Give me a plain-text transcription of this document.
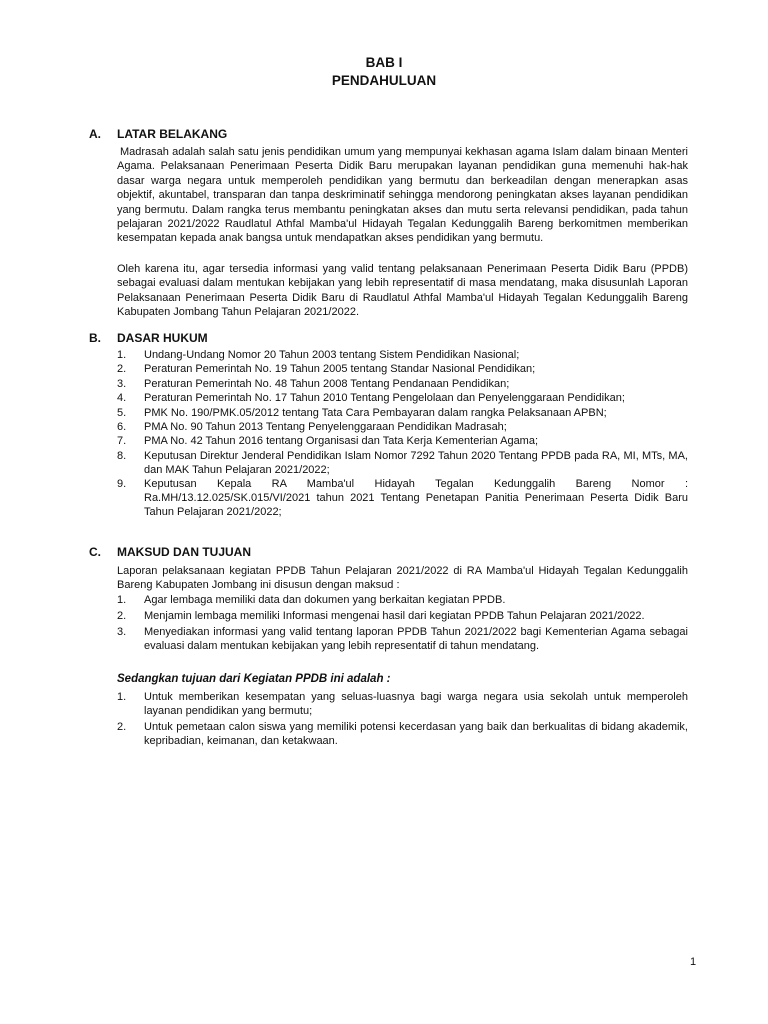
BAB I
PENDAHULUAN
A. LATAR BELAKANG
Madrasah adalah salah satu jenis pendidikan umum yang mempunyai kekhasan agama Islam dalam binaan Menteri Agama. Pelaksanaan Penerimaan Peserta Didik Baru merupakan layanan pendidikan guna memenuhi hak-hak dasar warga negara untuk memperoleh pendidikan yang bermutu dan berkeadilan dengan menerapkan asas objektif, akuntabel, transparan dan tanpa deskriminatif sehingga mendorong peningkatan akses layanan pendidikan yang bermutu. Dalam rangka terus membantu peningkatan akses dan mutu serta relevansi pendidikan, pada tahun pelajaran 2021/2022 Raudlatul Athfal Mamba'ul Hidayah Tegalan Kedunggalih Bareng berkomitmen memberikan kesempatan kepada anak bangsa untuk mendapatkan akses pendidikan yang bermutu.
Oleh karena itu, agar tersedia informasi yang valid tentang pelaksanaan Penerimaan Peserta Didik Baru (PPDB) sebagai evaluasi dalam mentukan kebijakan yang lebih representatif di masa mendatang, maka disusunlah Laporan Pelaksanaan Penerimaan Peserta Didik Baru di Raudlatul Athfal Mamba'ul Hidayah Tegalan Kedunggalih Bareng Kabupaten Jombang Tahun Pelajaran 2021/2022.
B. DASAR HUKUM
1. Undang-Undang Nomor 20 Tahun 2003 tentang Sistem Pendidikan Nasional;
2. Peraturan Pemerintah No. 19 Tahun 2005 tentang Standar Nasional Pendidikan;
3. Peraturan Pemerintah No. 48 Tahun 2008 Tentang Pendanaan Pendidikan;
4. Peraturan Pemerintah No. 17 Tahun 2010 Tentang Pengelolaan dan Penyelenggaraan Pendidikan;
5. PMK No. 190/PMK.05/2012 tentang Tata Cara Pembayaran dalam rangka Pelaksanaan APBN;
6. PMA No. 90 Tahun 2013 Tentang Penyelenggaraan Pendidikan Madrasah;
7. PMA No. 42 Tahun 2016 tentang Organisasi dan Tata Kerja Kementerian Agama;
8. Keputusan Direktur Jenderal Pendidikan Islam Nomor 7292 Tahun 2020 Tentang PPDB pada RA, MI, MTs, MA, dan MAK Tahun Pelajaran 2021/2022;
9. Keputusan Kepala RA Mamba'ul Hidayah Tegalan Kedunggalih Bareng Nomor : Ra.MH/13.12.025/SK.015/VI/2021 tahun 2021 Tentang Penetapan Panitia Penerimaan Peserta Didik Baru Tahun Pelajaran 2021/2022;
C. MAKSUD DAN TUJUAN
Laporan pelaksanaan kegiatan PPDB Tahun Pelajaran 2021/2022 di RA Mamba'ul Hidayah Tegalan Kedunggalih Bareng Kabupaten Jombang ini disusun dengan maksud :
1. Agar lembaga memiliki data dan dokumen yang berkaitan kegiatan PPDB.
2. Menjamin lembaga memiliki Informasi mengenai hasil dari kegiatan PPDB Tahun Pelajaran 2021/2022.
3. Menyediakan informasi yang valid tentang laporan PPDB Tahun 2021/2022 bagi Kementerian Agama sebagai evaluasi dalam mentukan kebijakan yang lebih representatif di tahun mendatang.
Sedangkan tujuan dari Kegiatan PPDB ini adalah :
1. Untuk memberikan kesempatan yang seluas-luasnya bagi warga negara usia sekolah untuk memperoleh layanan pendidikan yang bermutu;
2. Untuk pemetaan calon siswa yang memiliki potensi kecerdasan yang baik dan berkualitas di bidang akademik, kepribadian, keimanan, dan ketakwaan.
1
